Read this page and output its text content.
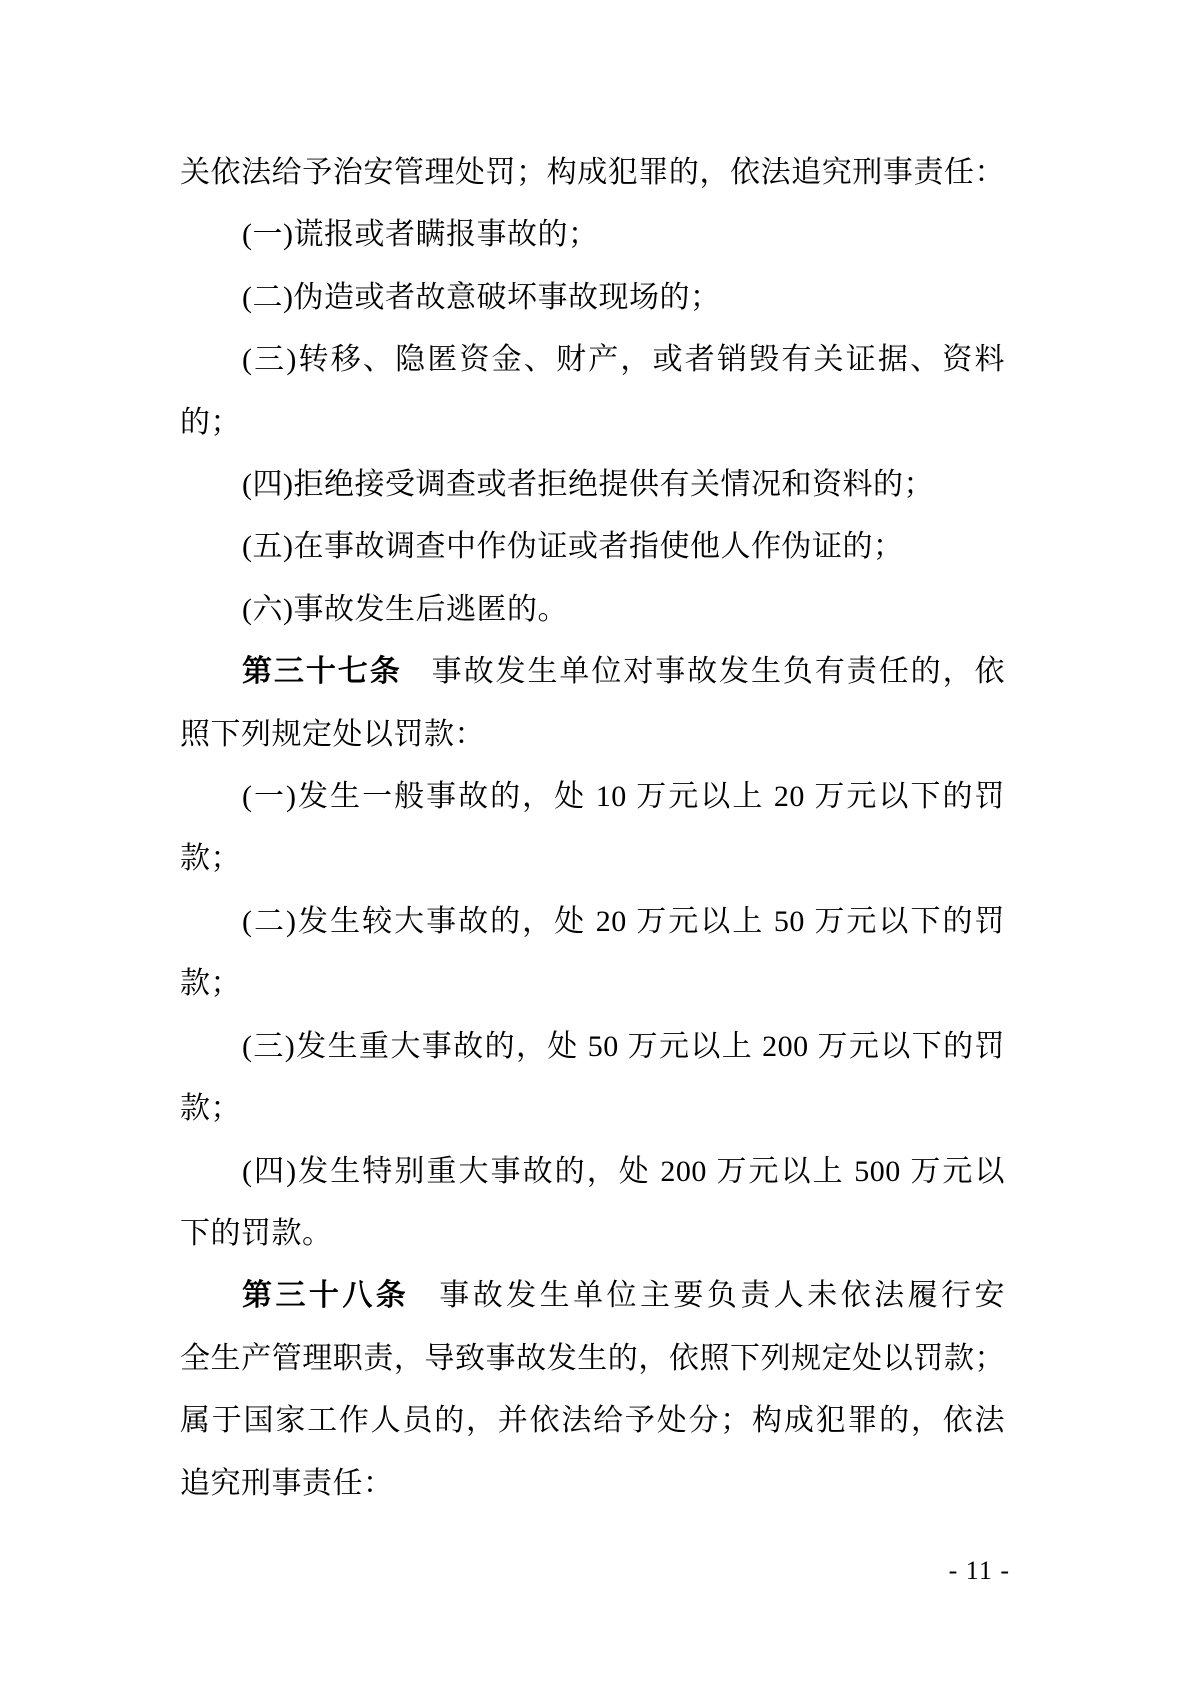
关依法给予治安管理处罚；构成犯罪的，依法追究刑事责任：
(一)谎报或者瞒报事故的；
(二)伪造或者故意破坏事故现场的；
(三)转移、隐匿资金、财产，或者销毁有关证据、资料
的；
(四)拒绝接受调查或者拒绝提供有关情况和资料的；
(五)在事故调查中作伪证或者指使他人作伪证的；
(六)事故发生后逃匿的。
第三十七条 事故发生单位对事故发生负有责任的，依
照下列规定处以罚款：
(一)发生一般事故的，处 10 万元以上 20 万元以下的罚
款；
(二)发生较大事故的，处 20 万元以上 50 万元以下的罚
款；
(三)发生重大事故的，处 50 万元以上 200 万元以下的罚
款；
(四)发生特别重大事故的，处 200 万元以上 500 万元以
下的罚款。
第三十八条 事故发生单位主要负责人未依法履行安
全生产管理职责，导致事故发生的，依照下列规定处以罚款；
属于国家工作人员的，并依法给予处分；构成犯罪的，依法
追究刑事责任：
- 11 -
